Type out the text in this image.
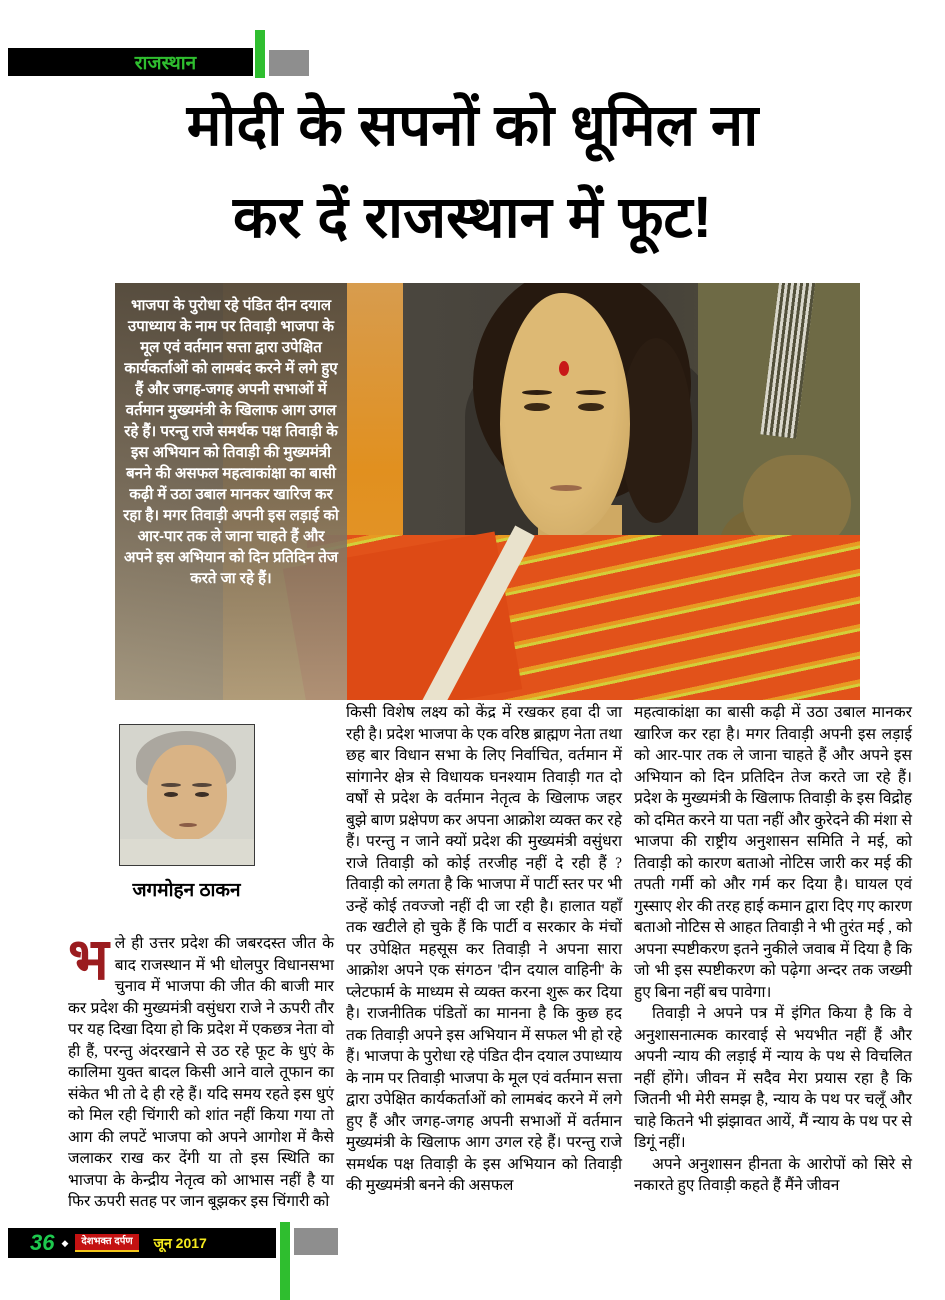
राजस्थान
मोदी के सपनों को धूमिल ना
कर दें राजस्थान में फूट!
भाजपा के पुरोधा रहे पंडित दीन दयाल उपाध्याय के नाम पर तिवाड़ी भाजपा के मूल एवं वर्तमान सत्ता द्वारा उपेक्षित कार्यकर्ताओं को लामबंद करने में लगे हुए हैं और जगह-जगह अपनी सभाओं में वर्तमान मुख्यमंत्री के खिलाफ आग उगल रहे हैं। परन्तु राजे समर्थक पक्ष तिवाड़ी के इस अभियान को तिवाड़ी की मुख्यमंत्री बनने की असफल महत्वाकांक्षा का बासी कढ़ी में उठा उबाल मानकर खारिज कर रहा है। मगर तिवाड़ी अपनी इस लड़ाई को आर-पार तक ले जाना चाहते हैं और अपने इस अभियान को दिन प्रतिदिन तेज करते जा रहे हैं।
जगमोहन ठाकन
भले ही उत्तर प्रदेश की जबरदस्त जीत के बाद राजस्थान में भी धोलपुर विधानसभा चुनाव में भाजपा की जीत की बाजी मार कर प्रदेश की मुख्यमंत्री वसुंधरा राजे ने ऊपरी तौर पर यह दिखा दिया हो कि प्रदेश में एकछत्र नेता वो ही हैं, परन्तु अंदरखाने से उठ रहे फूट के धुएं के कालिमा युक्त बादल किसी आने वाले तूफान का संकेत भी तो दे ही रहे हैं। यदि समय रहते इस धुएं को मिल रही चिंगारी को शांत नहीं किया गया तो आग की लपटें भाजपा को अपने आगोश में कैसे जलाकर राख कर देंगी या तो इस स्थिति का भाजपा के केन्द्रीय नेतृत्व को आभास नहीं है या फिर ऊपरी सतह पर जान बूझकर इस चिंगारी को
किसी विशेष लक्ष्य को केंद्र में रखकर हवा दी जा रही है। प्रदेश भाजपा के एक वरिष्ठ ब्राह्मण नेता तथा छह बार विधान सभा के लिए निर्वाचित, वर्तमान में सांगानेर क्षेत्र से विधायक घनश्याम तिवाड़ी गत दो वर्षों से प्रदेश के वर्तमान नेतृत्व के खिलाफ जहर बुझे बाण प्रक्षेपण कर अपना आक्रोश व्यक्त कर रहे हैं। परन्तु न जाने क्यों प्रदेश की मुख्यमंत्री वसुंधरा राजे तिवाड़ी को कोई तरजीह नहीं दे रही हैं ? तिवाड़ी को लगता है कि भाजपा में पार्टी स्तर पर भी उन्हें कोई तवज्जो नहीं दी जा रही है। हालात यहाँ तक खटीले हो चुके हैं कि पार्टी व सरकार के मंचों पर उपेक्षित महसूस कर तिवाड़ी ने अपना सारा आक्रोश अपने एक संगठन 'दीन दयाल वाहिनी' के प्लेटफार्म के माध्यम से व्यक्त करना शुरू कर दिया है। राजनीतिक पंडितों का मानना है कि कुछ हद तक तिवाड़ी अपने इस अभियान में सफल भी हो रहे हैं। भाजपा के पुरोधा रहे पंडित दीन दयाल उपाध्याय के नाम पर तिवाड़ी भाजपा के मूल एवं वर्तमान सत्ता द्वारा उपेक्षित कार्यकर्ताओं को लामबंद करने में लगे हुए हैं और जगह-जगह अपनी सभाओं में वर्तमान मुख्यमंत्री के खिलाफ आग उगल रहे हैं। परन्तु राजे समर्थक पक्ष तिवाड़ी के इस अभियान को तिवाड़ी की मुख्यमंत्री बनने की असफल

महत्वाकांक्षा का बासी कढ़ी में उठा उबाल मानकर खारिज कर रहा है। मगर तिवाड़ी अपनी इस लड़ाई को आर-पार तक ले जाना चाहते हैं और अपने इस अभियान को दिन प्रतिदिन तेज करते जा रहे हैं। प्रदेश के मुख्यमंत्री के खिलाफ तिवाड़ी के इस विद्रोह को दमित करने या पता नहीं और कुरेदने की मंशा से भाजपा की राष्ट्रीय अनुशासन समिति ने मई, को तिवाड़ी को कारण बताओ नोटिस जारी कर मई की तपती गर्मी को और गर्म कर दिया है। घायल एवं गुस्साए शेर की तरह हाई कमान द्वारा दिए गए कारण बताओ नोटिस से आहत तिवाड़ी ने भी तुरंत मई , को अपना स्पष्टीकरण इतने नुकीले जवाब में दिया है कि जो भी इस स्पष्टीकरण को पढ़ेगा अन्दर तक जख्मी हुए बिना नहीं बच पावेगा।

तिवाड़ी ने अपने पत्र में इंगित किया है कि वे अनुशासनात्मक कारवाई से भयभीत नहीं हैं और अपनी न्याय की लड़ाई में न्याय के पथ से विचलित नहीं होंगे। जीवन में सदैव मेरा प्रयास रहा है कि जितनी भी मेरी समझ है, न्याय के पथ पर चलूँ और चाहे कितने भी झंझावत आयें, मैं न्याय के पथ पर से डिगूं नहीं।

अपने अनुशासन हीनता के आरोपों को सिरे से नकारते हुए तिवाड़ी कहते हैं मैंने जीवन

36 ◆	देशभक्त दर्पण	जून 2017
